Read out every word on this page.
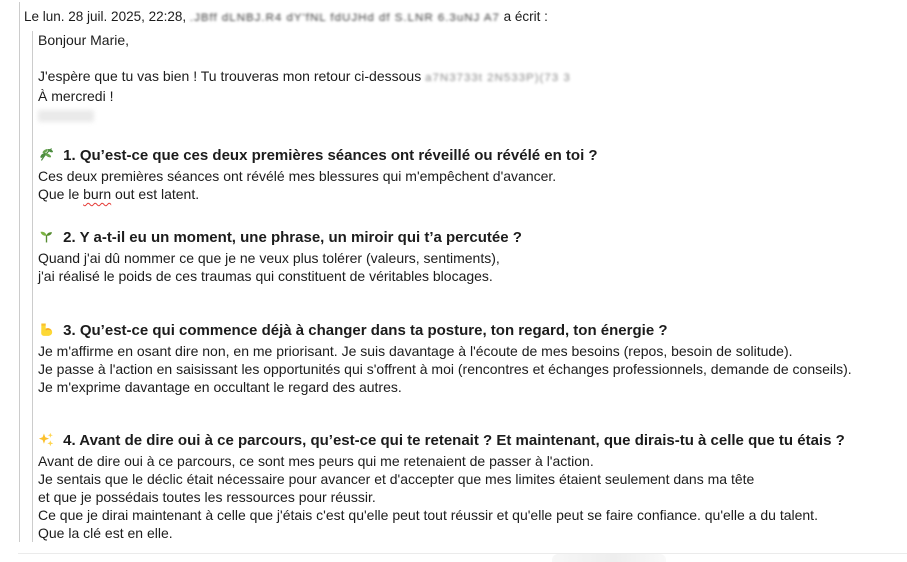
Le lun. 28 juil. 2025, 22:28, .JBff dLNBJ.R4 dY'fNL fdUJHd df S.LNR 6.3uNJ A7 a écrit :
Bonjour Marie,
J'espère que tu vas bien ! Tu trouveras mon retour ci-dessous a7N3733t 2N533P)(73 3
À mercredi !
1. Qu’est-ce que ces deux premières séances ont réveillé ou révélé en toi ?
Ces deux premières séances ont révélé mes blessures qui m'empêchent d'avancer.
Que le burn out est latent.
2. Y a-t-il eu un moment, une phrase, un miroir qui t’a percutée ?
Quand j'ai dû nommer ce que je ne veux plus tolérer (valeurs, sentiments),
j'ai réalisé le poids de ces traumas qui constituent de véritables blocages.
3. Qu’est-ce qui commence déjà à changer dans ta posture, ton regard, ton énergie ?
Je m'affirme en osant dire non, en me priorisant. Je suis davantage à l'écoute de mes besoins (repos, besoin de solitude).
Je passe à l'action en saisissant les opportunités qui s'offrent à moi (rencontres et échanges professionnels, demande de conseils).
Je m'exprime davantage en occultant le regard des autres.
4. Avant de dire oui à ce parcours, qu’est-ce qui te retenait ? Et maintenant, que dirais-tu à celle que tu étais ?
Avant de dire oui à ce parcours, ce sont mes peurs qui me retenaient de passer à l'action.
Je sentais que le déclic était nécessaire pour avancer et d'accepter que mes limites étaient seulement dans ma tête
et que je possédais toutes les ressources pour réussir.
Ce que je dirai maintenant à celle que j'étais c'est qu'elle peut tout réussir et qu'elle peut se faire confiance. qu'elle a du talent.
Que la clé est en elle.
